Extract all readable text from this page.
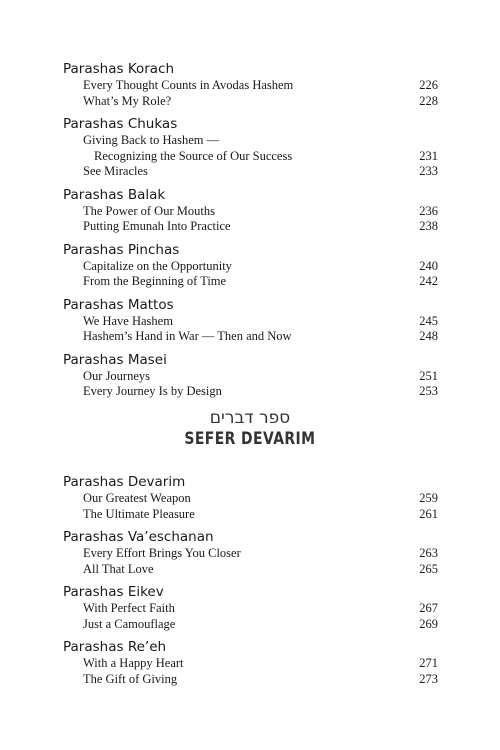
Parashas Korach
Every Thought Counts in Avodas Hashem	226
What’s My Role?	228
Parashas Chukas
Giving Back to Hashem —
Recognizing the Source of Our Success	231
See Miracles	233
Parashas Balak
The Power of Our Mouths	236
Putting Emunah Into Practice	238
Parashas Pinchas
Capitalize on the Opportunity	240
From the Beginning of Time	242
Parashas Mattos
We Have Hashem	245
Hashem’s Hand in War — Then and Now	248
Parashas Masei
Our Journeys	251
Every Journey Is by Design	253
ספר דברים
SEFER DEVARIM
Parashas Devarim
Our Greatest Weapon	259
The Ultimate Pleasure	261
Parashas Va’eschanan
Every Effort Brings You Closer	263
All That Love	265
Parashas Eikev
With Perfect Faith	267
Just a Camouflage	269
Parashas Re’eh
With a Happy Heart	271
The Gift of Giving	273
